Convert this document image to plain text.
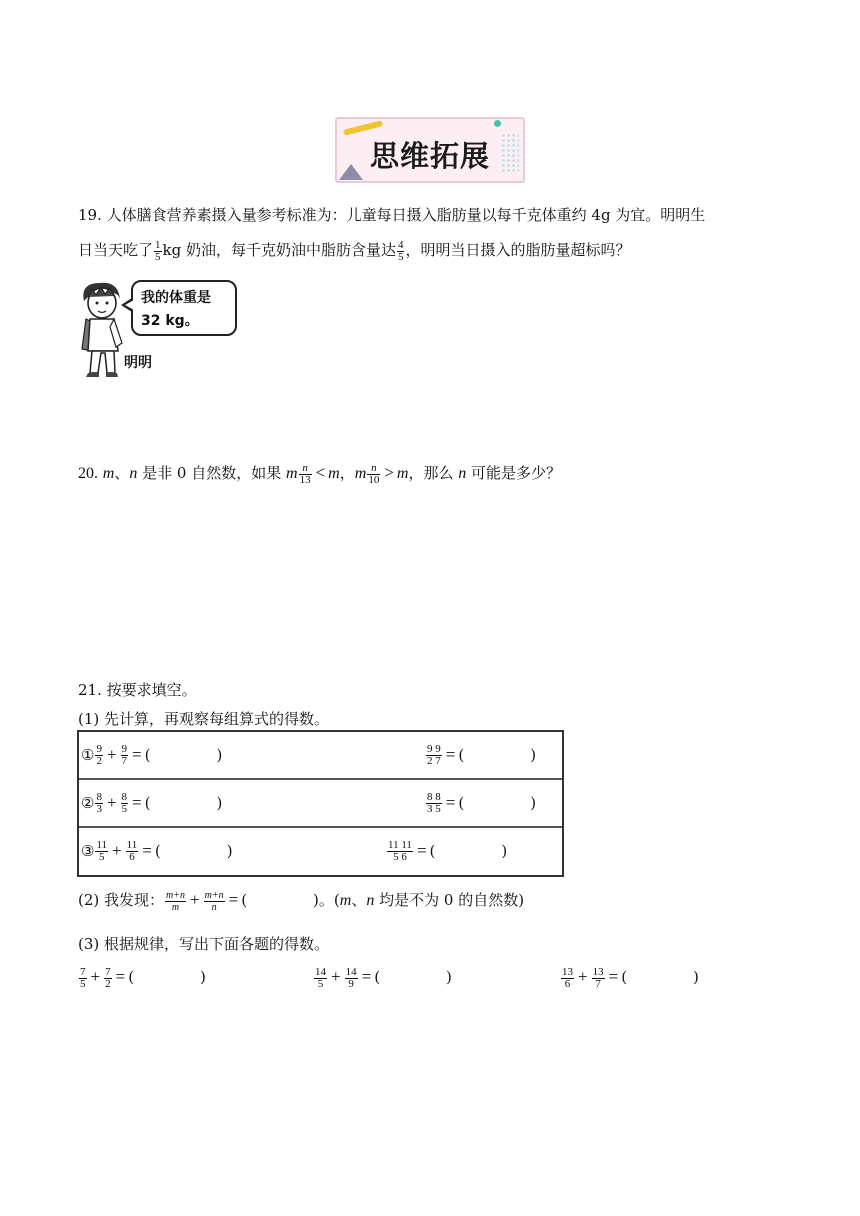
思维拓展
19. 人体膳食营养素摄入量参考标准为：儿童每日摄入脂肪量以每千克体重约 4g 为宜。明明生
日当天吃了 $\frac{1}{5}$ kg 奶油，每千克奶油中脂肪含量达 $\frac{4}{5}$ ，明明当日摄入的脂肪量超标吗？
我的体重是
32 kg。
明明
20. m、n 是非 0 自然数，如果 m $\frac{n}{13} < m$，m $\frac{n}{10} > m$，那么 n 可能是多少？
21. 按要求填空。
(1) 先计算，再观察每组算式的得数。
① $\frac{9}{2} + \frac{9}{7}$ = (	)	$\frac{9 9}{2 7}$ = (	)
② $\frac{8}{3} + \frac{8}{5}$ = (	)	$\frac{8 8}{3 5}$ = (	)
③ $\frac{11}{5} + \frac{11}{6}$ = (	)	$\frac{11 11}{5 6}$ = (	)
(2) 我发现： $\frac{m+n}{m} + \frac{m+n}{n}$ = (	)。(m、n 均是不为 0 的自然数)
(3) 根据规律，写出下面各题的得数。
$\frac{7}{5} + \frac{7}{2}$ = (	)	$\frac{14}{5} + \frac{14}{9}$ = (	)	$\frac{13}{6} + \frac{13}{7}$ = (	)
